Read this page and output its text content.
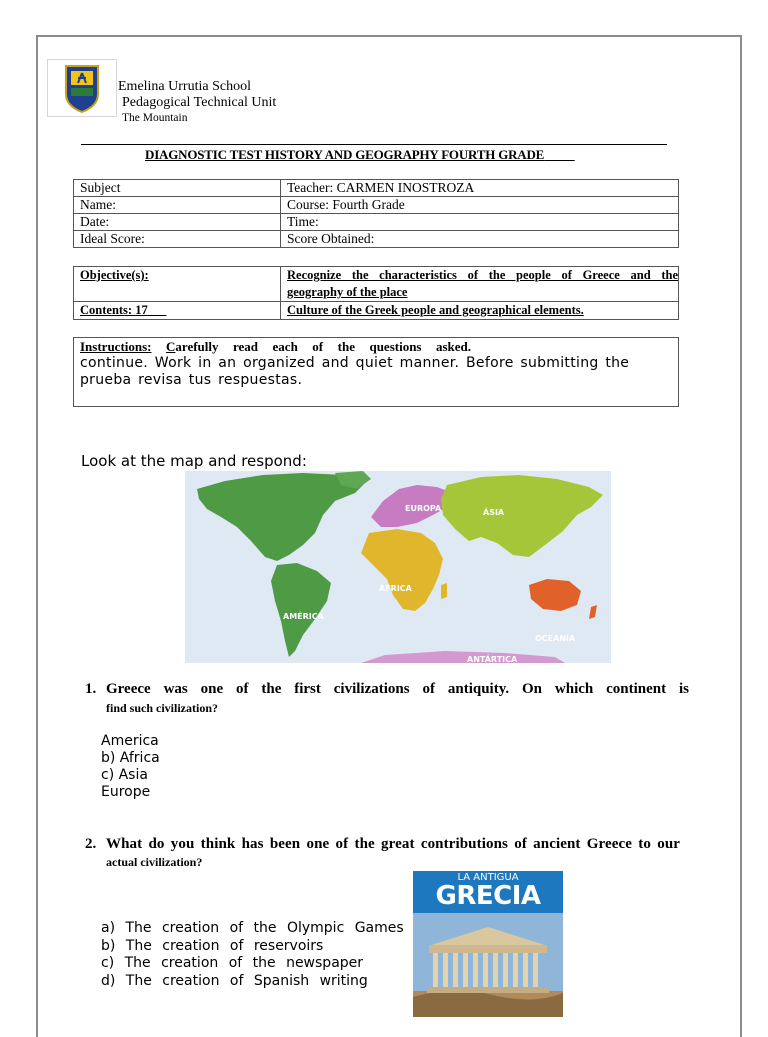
Emelina Urrutia School
Pedagogical Technical Unit
The Mountain
DIAGNOSTIC TEST HISTORY AND GEOGRAPHY FOURTH GRADE
Subject	Teacher: CARMEN INOSTROZA
Name:	Course: Fourth Grade
Date:	Time:
Ideal Score:	Score Obtained:
Objective(s):	Recognize the characteristics of the people of Greece and the
geography of the place

Contents: 17	Culture of the Greek people and geographical elements.
Instructions: Carefully  read  each  of  the  questions  asked.
continue. Work in an organized and quiet manner. Before submitting the prueba revisa tus respuestas.
Look at the map and respond:
EUROPA	ÁSIA
ÁFRICA
AMÉRICA
OCEANIA
ANTÁRTICA
1. Greece was one of the first civilizations of antiquity. On which continent is
find such civilization?
America
b) Africa
c) Asia
Europe
2. What do you think has been one of the great contributions of ancient Greece to our
actual civilization?
a) The creation of the Olympic Games
b) The creation of reservoirs
c) The creation of the newspaper
d) The creation of Spanish writing
LA ANTIGUA
GRECIA
